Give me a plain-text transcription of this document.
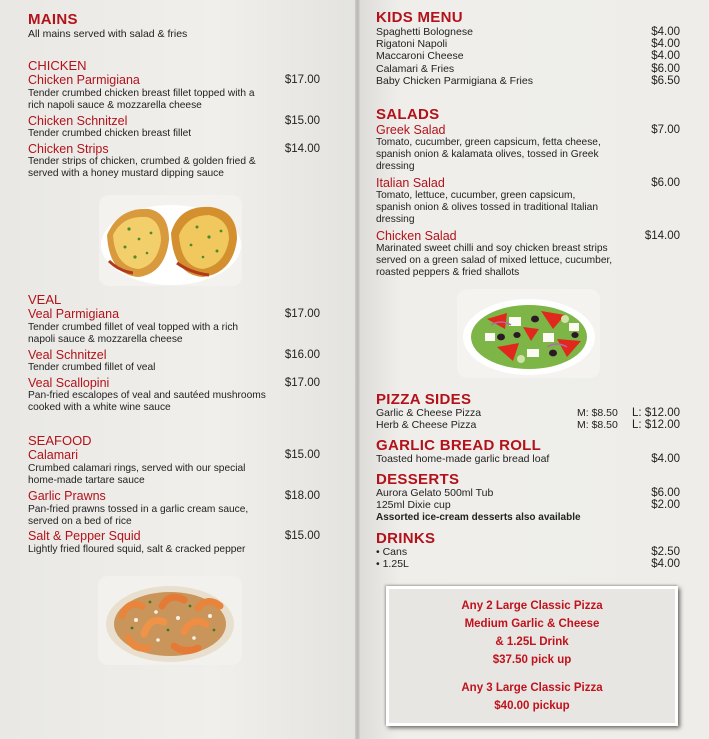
MAINS
All mains served with salad & fries
CHICKEN
Chicken Parmigiana	$17.00
Tender crumbed chicken breast fillet topped with a
rich napoli sauce & mozzarella cheese
Chicken Schnitzel	$15.00
Tender crumbed chicken breast fillet
Chicken Strips	$14.00
Tender strips of chicken, crumbed & golden fried &
served with a honey mustard dipping sauce
VEAL
Veal Parmigiana	$17.00
Tender crumbed fillet of veal topped with a rich
napoli sauce & mozzarella cheese
Veal Schnitzel	$16.00
Tender crumbed fillet of veal
Veal Scallopini	$17.00
Pan-fried escalopes of veal and sautéed mushrooms
cooked with a white wine sauce
SEAFOOD
Calamari	$15.00
Crumbed calamari rings, served with our special
home-made tartare sauce
Garlic Prawns	$18.00
Pan-fried prawns tossed in a garlic cream sauce,
served on a bed of rice
Salt & Pepper Squid	$15.00
Lightly fried floured squid, salt & cracked pepper
KIDS MENU
Spaghetti Bolognese	$4.00
Rigatoni Napoli	$4.00
Maccaroni Cheese	$4.00
Calamari & Fries	$6.00
Baby Chicken Parmigiana & Fries	$6.50
SALADS
Greek Salad	$7.00
Tomato, cucumber, green capsicum, fetta cheese,
spanish onion & kalamata olives, tossed in Greek
dressing
Italian Salad	$6.00
Tomato, lettuce, cucumber, green capsicum,
spanish onion & olives tossed in traditional Italian
dressing
Chicken Salad	$14.00
Marinated sweet chilli and soy chicken breast strips
served on a green salad of mixed lettuce, cucumber,
roasted peppers & fried shallots
PIZZA SIDES
Garlic & Cheese Pizza	M: $8.50	L: $12.00
Herb & Cheese Pizza	M: $8.50	L: $12.00
GARLIC BREAD ROLL
Toasted home-made garlic bread loaf	$4.00
DESSERTS
Aurora Gelato 500ml Tub	$6.00
125ml Dixie cup	$2.00
Assorted ice-cream desserts also available
DRINKS
• Cans	$2.50
• 1.25L	$4.00
Any 2 Large Classic Pizza
Medium Garlic & Cheese
& 1.25L Drink
$37.50 pick up
Any 3 Large Classic Pizza
$40.00 pickup
